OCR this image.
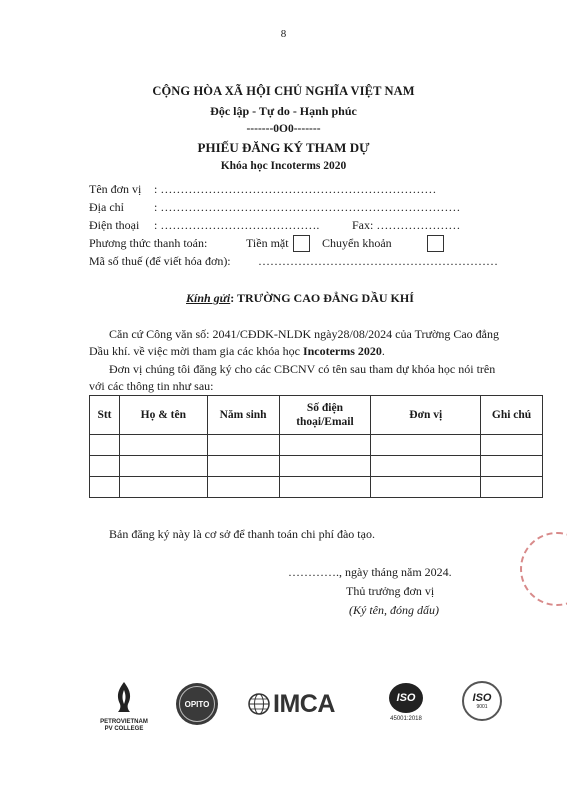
8
CỘNG HÒA XÃ HỘI CHỦ NGHĨA VIỆT NAM
Độc lập - Tự do - Hạnh phúc
-------0O0-------
PHIẾU ĐĂNG KÝ THAM DỰ
Khóa học Incoterms 2020
Tên đơn vị : ……………………………………………………………
Địa chỉ	: …………………………………………………………………
Điện thoại : ………………………………….	Fax: …………………
Phương thức thanh toán:	Tiền mặt	Chuyển khoản
Mã số thuế (để viết hóa đơn): ……………………………………………………
Kính gửi: TRƯỜNG CAO ĐẲNG DẦU KHÍ
Căn cứ Công văn số: 2041/CĐDK-NLDK ngày28/08/2024 của Trường Cao đẳng
Dầu khí. về việc mời tham gia các khóa học Incoterms 2020.
Đơn vị chúng tôi đăng ký cho các CBCNV có tên sau tham dự khóa học nói trên
với các thông tin như sau:
Stt	Họ & tên	Năm sinh	Số điện thoại/Email	Đơn vị	Ghi chú

Bản đăng ký này là cơ sở để thanh toán chi phí đào tạo.
…………., ngày tháng năm 2024.
Thủ trưởng đơn vị
(Ký tên, đóng dấu)
PETROVIETNAM
PV COLLEGE
OPITO	IMCA	ISO
45001:2018
ISO
9001
